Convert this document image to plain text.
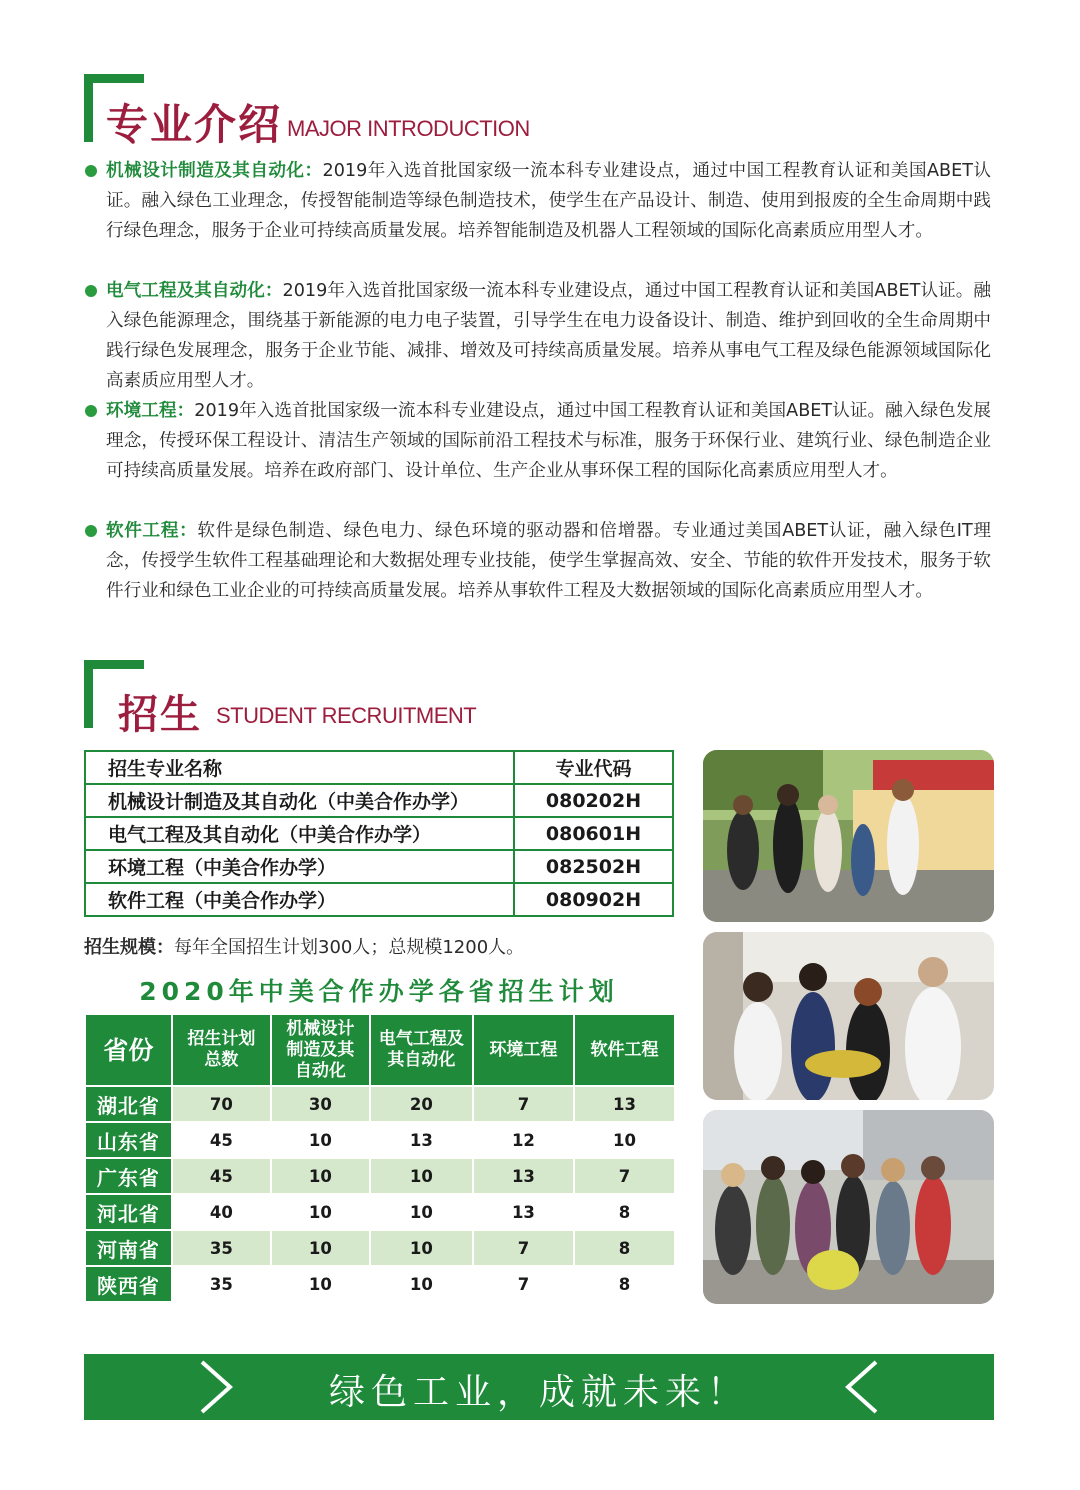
专业介绍 MAJOR INTRODUCTION
机械设计制造及其自动化：2019年入选首批国家级一流本科专业建设点，通过中国工程教育认证和美国ABET认证。融入绿色工业理念，传授智能制造等绿色制造技术，使学生在产品设计、制造、使用到报废的全生命周期中践行绿色理念，服务于企业可持续高质量发展。培养智能制造及机器人工程领域的国际化高素质应用型人才。
电气工程及其自动化：2019年入选首批国家级一流本科专业建设点，通过中国工程教育认证和美国ABET认证。融入绿色能源理念，围绕基于新能源的电力电子装置，引导学生在电力设备设计、制造、维护到回收的全生命周期中践行绿色发展理念，服务于企业节能、减排、增效及可持续高质量发展。培养从事电气工程及绿色能源领域国际化高素质应用型人才。
环境工程：2019年入选首批国家级一流本科专业建设点，通过中国工程教育认证和美国ABET认证。融入绿色发展理念，传授环保工程设计、清洁生产领域的国际前沿工程技术与标准，服务于环保行业、建筑行业、绿色制造企业可持续高质量发展。培养在政府部门、设计单位、生产企业从事环保工程的国际化高素质应用型人才。
软件工程：软件是绿色制造、绿色电力、绿色环境的驱动器和倍增器。专业通过美国ABET认证，融入绿色IT理念，传授学生软件工程基础理论和大数据处理专业技能，使学生掌握高效、安全、节能的软件开发技术，服务于软件行业和绿色工业企业的可持续高质量发展。培养从事软件工程及大数据领域的国际化高素质应用型人才。
招生 STUDENT RECRUITMENT
招生专业名称	专业代码
机械设计制造及其自动化（中美合作办学）	080202H
电气工程及其自动化（中美合作办学）	080601H
环境工程（中美合作办学）	082502H
软件工程（中美合作办学）	080902H
招生规模：每年全国招生计划300人；总规模1200人。
2020年中美合作办学各省招生计划
省份	招生计划总数	机械设计制造及其自动化	电气工程及其自动化	环境工程	软件工程
湖北省	70	30	20	7	13
山东省	45	10	13	12	10
广东省	45	10	10	13	7
河北省	40	10	10	13	8
河南省	35	10	10	7	8
陕西省	35	10	10	7	8
绿色工业，成就未来！
